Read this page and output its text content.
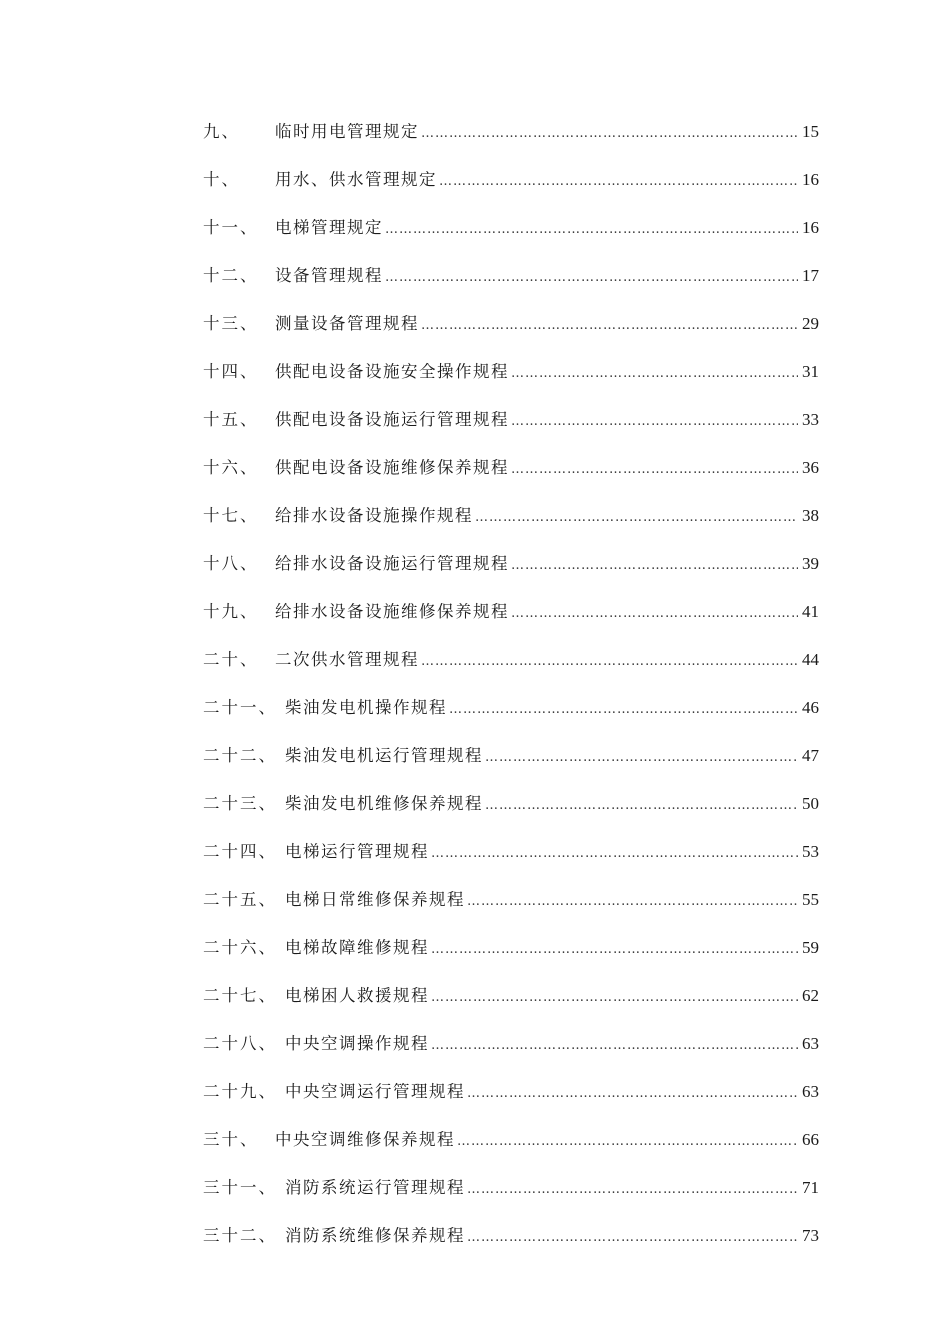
九、	临时用电管理规定 …………………………………………………………………………………………………………………………………………	15
十、	用水、供水管理规定 …………………………………………………………………………………………………………………………………………	16
十一、	电梯管理规定 …………………………………………………………………………………………………………………………………………	16
十二、	设备管理规程 …………………………………………………………………………………………………………………………………………	17
十三、	测量设备管理规程 …………………………………………………………………………………………………………………………………………	29
十四、	供配电设备设施安全操作规程 …………………………………………………………………………………………………………………………………………	31
十五、	供配电设备设施运行管理规程 …………………………………………………………………………………………………………………………………………	33
十六、	供配电设备设施维修保养规程 …………………………………………………………………………………………………………………………………………	36
十七、	给排水设备设施操作规程 …………………………………………………………………………………………………………………………………………	38
十八、	给排水设备设施运行管理规程 …………………………………………………………………………………………………………………………………………	39
十九、	给排水设备设施维修保养规程 …………………………………………………………………………………………………………………………………………	41
二十、	二次供水管理规程 …………………………………………………………………………………………………………………………………………	44
二十一、 柴油发电机操作规程 …………………………………………………………………………………………………………………………………………	46
二十二、 柴油发电机运行管理规程 …………………………………………………………………………………………………………………………………………	47
二十三、 柴油发电机维修保养规程 …………………………………………………………………………………………………………………………………………	50
二十四、 电梯运行管理规程 …………………………………………………………………………………………………………………………………………	53
二十五、 电梯日常维修保养规程 …………………………………………………………………………………………………………………………………………	55
二十六、 电梯故障维修规程 …………………………………………………………………………………………………………………………………………	59
二十七、 电梯困人救援规程 …………………………………………………………………………………………………………………………………………	62
二十八、 中央空调操作规程 …………………………………………………………………………………………………………………………………………	63
二十九、 中央空调运行管理规程 …………………………………………………………………………………………………………………………………………	63
三十、	中央空调维修保养规程 …………………………………………………………………………………………………………………………………………	66
三十一、 消防系统运行管理规程 …………………………………………………………………………………………………………………………………………	71
三十二、 消防系统维修保养规程 …………………………………………………………………………………………………………………………………………	73
